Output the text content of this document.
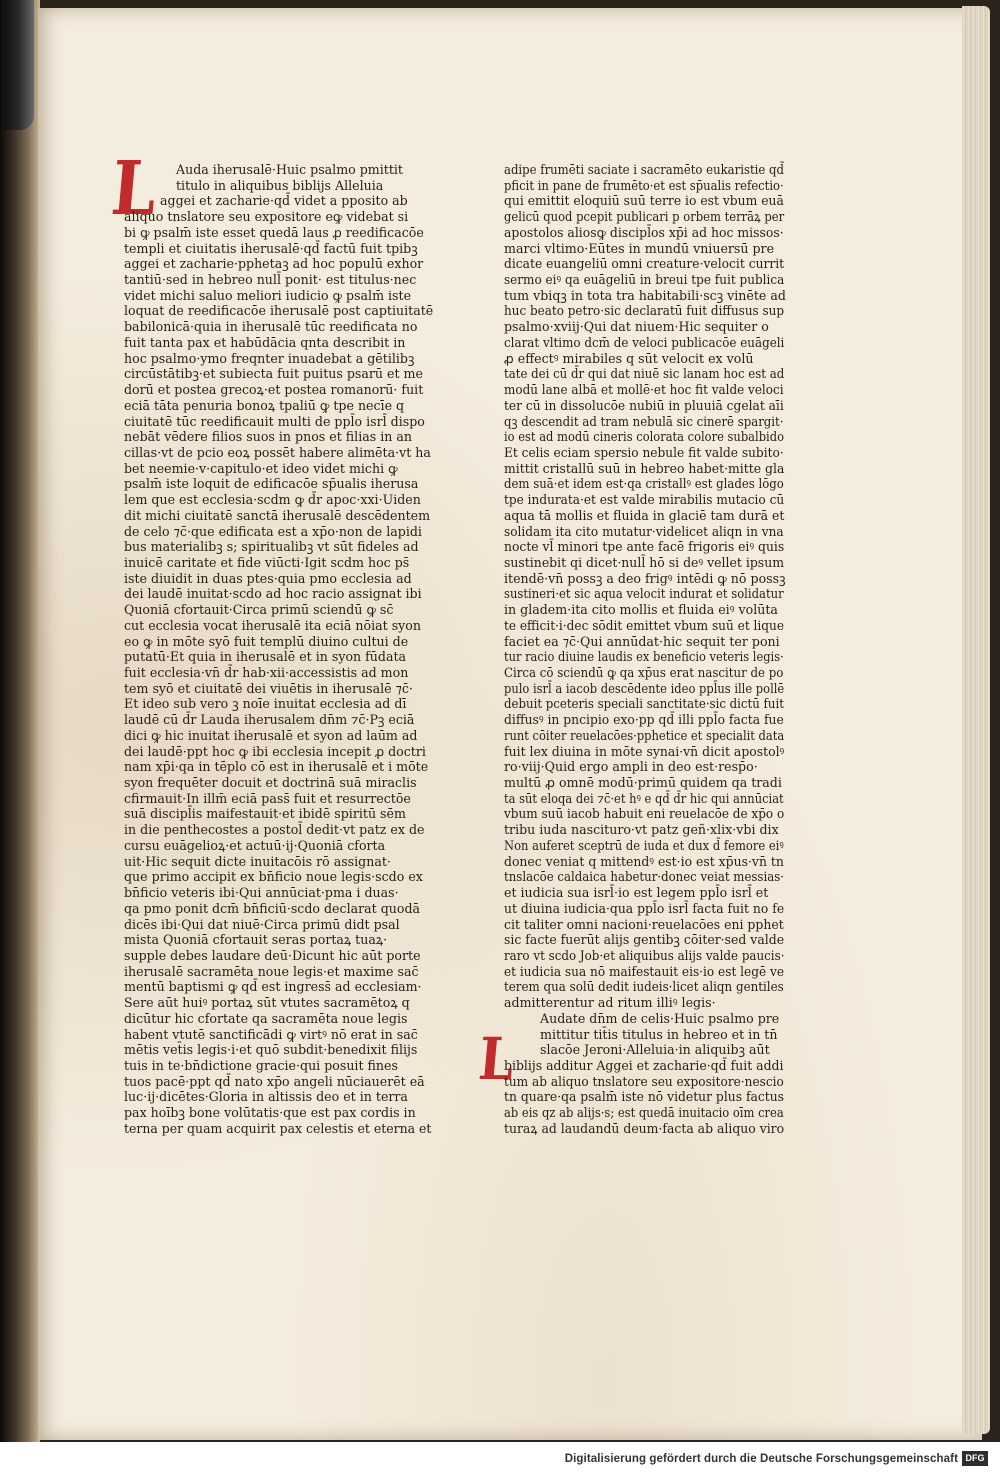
L
L
Auda iherusalē·Huic psalmo pmittit
titulo in aliquibus biblijs Alleluia
aggei et zacharie·qd̄ videt a pposito ab
aliquo tnslatore seu expositore eꝙ videbat si
bi ꝙ psalm̄ iste esset quedā laus ꝓ reedificacōe
templi et ciuitatis iherusalē·qd̄ factū fuit tpibꝫ
aggei et zacharie·pphetaꝫ ad hoc populū exhor
tantiū·sed in hebreo null̄ ponit· est titulus·nec
videt michi saluo meliori iudicio ꝙ psalm̄ iste
loquat de reedificacōe iherusalē post captiuitatē
babilonicā·quia in iherusalē tūc reedificata no
fuit tanta pax et habūdācia qnta describit in
hoc psalmo·ymo freqnter inuadebat a gētilibꝫ
circūstātibꝫ·et subiecta fuit puitus psarū et me
dorū et postea grecoꝝ·et postea romanorū· fuit
eciā tāta penuria bonoꝝ tpaliū ꝙ tpe necīe q
ciuitatē tūc reedificauit multi de ppl̄o isrl̄ dispo
nebāt vēdere filios suos in pnos et filias in an
cillas·vt de pcio eoꝝ possēt habere alimēta·vt ha
bet neemie·v·capitulo·et ideo videt michi ꝙ
psalm̄ iste loquit de edificacōe sp̄ualis iherusa
lem que est ecclesia·scdm ꝙ d̄r apoc·xxi·Uiden
dit michi ciuitatē sanctā iherusalē descēdentem
de celo ⁊c̄·que edificata est a xp̄o·non de lapidi
bus materialibꝫ s; spiritualibꝫ vt sūt fideles ad
inuicē caritate et fide viūcti·Igit scdm hoc ps̄
iste diuidit in duas ptes·quia pmo ecclesia ad
dei laudē inuitat·scdo ad hoc racio assignat ibi
Quoniā cfortauit·Circa primū sciendū ꝙ sc̄
cut ecclesia vocat iherusalē ita eciā nōiat syon
eo ꝙ in mōte syō fuit templū diuino cultui de
putatū·Et quia in iherusalē et in syon fūdata
fuit ecclesia·vn̄ d̄r hab·xii·accessistis ad mon
tem syō et ciuitatē dei viuētis in iherusalē ⁊c̄·
Et ideo sub vero ꝫ noīe inuitat ecclesia ad dī
laudē cū d̄r Lauda iherusalem dn̄m ⁊c̄·Pꝫ eciā
dici ꝙ hic inuitat iherusalē et syon ad laūm ad
dei laudē·ppt hoc ꝙ ibi ecclesia incepit ꝓ doctri
nam xp̄i·qa in tēplo cō est in iherusalē et i mōte
syon frequēter docuit et doctrinā suā miraclis
cfirmauit·In illm̄ eciā pass̄ fuit et resurrectōe
suā discipl̄is maifestauit·et ibidē spiritū sēm
in die penthecostes a postol̄ dedit·vt patz ex de
cursu euāgelioꝝ·et actuū·ij·Quoniā cforta
uit·Hic sequit dicte inuitacōis rō assignat·
que primo accipit ex bn̄ficio noue legis·scdo ex
bn̄ficio veteris ibi·Qui annūciat·pma i duas·
qa pmo ponit dcm̄ bn̄ficiū·scdo declarat quodā
dicēs ibi·Qui dat niuē·Circa primū didt psal
mista Quoniā cfortauit seras portaꝝ tuaꝝ·
supple debes laudare deū·Dicunt hic aūt porte
iherusalē sacramēta noue legis·et maxime sac̄
mentū baptismi ꝙ qd̄ est ingress̄ ad ecclesiam·
Sere aūt huiꝰ portaꝝ sūt vtutes sacramētoꝝ q
dicūtur hic cfortate qa sacramēta noue legis
habent vtutē sanctificādi ꝙ virtꝰ nō erat in sac̄
mētis vet̄is legis·i·et quō subdit·benedixit filijs
tuis in te·bn̄dictione gracie·qui posuit fines
tuos pacē·ppt qd̄ nato xp̄o angeli nūciauerēt eā
luc·ij·dicētes·Gloria in altissis deo et in terra
pax hoībꝫ bone volūtatis·que est pax cordis in
terna per quam acquirit pax celestis et eterna et
adipe frumēti saciate i sacramēto eukaristie qd̄
pficit in pane de frumēto·et est sp̄ualis refectio·
qui emittit eloquiū suū terre io est vbum euā
gelicū quod pcepit publicari p orbem terrāꝝ per
apostolos aliosꝙ discipl̄os xp̄i ad hoc missos·
marci vltimo·Eūtes in mundū vniuersū pre
dicate euangeliū omni creature·velocit currit
sermo eiꝰ qa euāgeliū in breui tpe fuit publica
tum vbiqꝫ in tota tra habitabili·scꝫ vinēte ad
huc beato petro·sic declaratū fuit diffusus sup
psalmo·xviij·Qui dat niuem·Hic sequiter o
clarat vltimo dcm̄ de veloci publicacōe euāgeli
ꝓ effectꝰ mirabiles q sūt velocit ex volū
tate dei cū d̄r qui dat niuē sic lanam hoc est ad
modū lane albā et mollē·et hoc fit valde veloci
ter cū in dissolucōe nubiū in pluuiā cgelat aīi
qꝫ descendit ad tram nebulā sic cinerē spargit·
io est ad modū cineris colorata colore subalbido
Et celis eciam spersio nebule fit valde subito·
mittit cristallū suū in hebreo habet·mitte gla
dem suā·et idem est·qa cristallꝰ est glades lōgo
tpe indurata·et est valde mirabilis mutacio cū
aqua tā mollis et fluida in glaciē tam durā et
solidam ita cito mutatur·videlicet aliqn in vna
nocte vl̄ minori tpe ante facē frigoris eiꝰ quis
sustinebit qi dicet·null̄ hō si deꝰ vellet ipsum
itendē·vn̄ possꝫ a deo frigꝰ intēdi ꝙ nō possꝫ
sustineri·et sic aqua velocit indurat et solidatur
in gladem·ita cito mollis et fluida eiꝰ volūta
te efficit·i·dec sōdit emittet vbum suū et lique
faciet ea ⁊c̄·Qui annūdat·hic sequit ter poni
tur racio diuine laudis ex beneficio veteris legis·
Circa cō sciendū ꝙ qa xp̄us erat nascitur de po
pulo isrl̄ a iacob descēdente ideo ppl̄us ille pollē
debuit pceteris speciali sanctitate·sic dictū fuit
diffusꝰ in pncipio exo·pp qd̄ illi ppl̄o facta fue
runt cōiter reuelacōes·pphetice et specialit data
fuit lex diuina in mōte synai·vn̄ dicit apostolꝰ
ro·viij·Quid ergo ampli in deo est·resp̄o·
multū ꝓ omnē modū·primū quidem qa tradi
ta sūt eloqa dei ⁊c̄·et hꝰ e qd̄ d̄r hic qui annūciat
vbum suū iacob habuit eni reuelacōe de xp̄o o
tribu iuda nascituro·vt patz geñ·xlix·vbi dix
Non auferet sceptrū de iuda et dux d̄ femore eiꝰ
donec veniat q mittendꝰ est·io est xp̄us·vn̄ tn
tnslacōe caldaica habetur·donec veiat messias·
et iudicia sua isrl̄·io est legem ppl̄o isrl̄ et
ut diuina iudicia·qua ppl̄o isrl̄ facta fuit no fe
cit taliter omni nacioni·reuelacōes eni pphet
sic facte fuerūt alijs gentibꝫ cōiter·sed valde
raro vt scdo Job·et aliquibus alijs valde paucis·
et iudicia sua nō maifestauit eis·io est legē ve
terem qua solū dedit iudeis·licet aliqn gentiles
admitterentur ad ritum illiꝰ legis·
Audate dn̄m de celis·Huic psalmo pre
mittitur tit̄is titulus in hebreo et in tn̄
slacōe Jeroni·Alleluia·in aliquibꝫ aūt
biblijs additur Aggei et zacharie·qd̄ fuit addi
tum ab aliquo tnslatore seu expositore·nescio
tn quare·qa psalm̄ iste nō videtur plus factus
ab eis qz ab alijs·s; est quedā inuitacio oīm crea
turaꝝ ad laudandū deum·facta ab aliquo viro
Digitalisierung gefördert durch die Deutsche Forschungsgemeinschaft DFG
